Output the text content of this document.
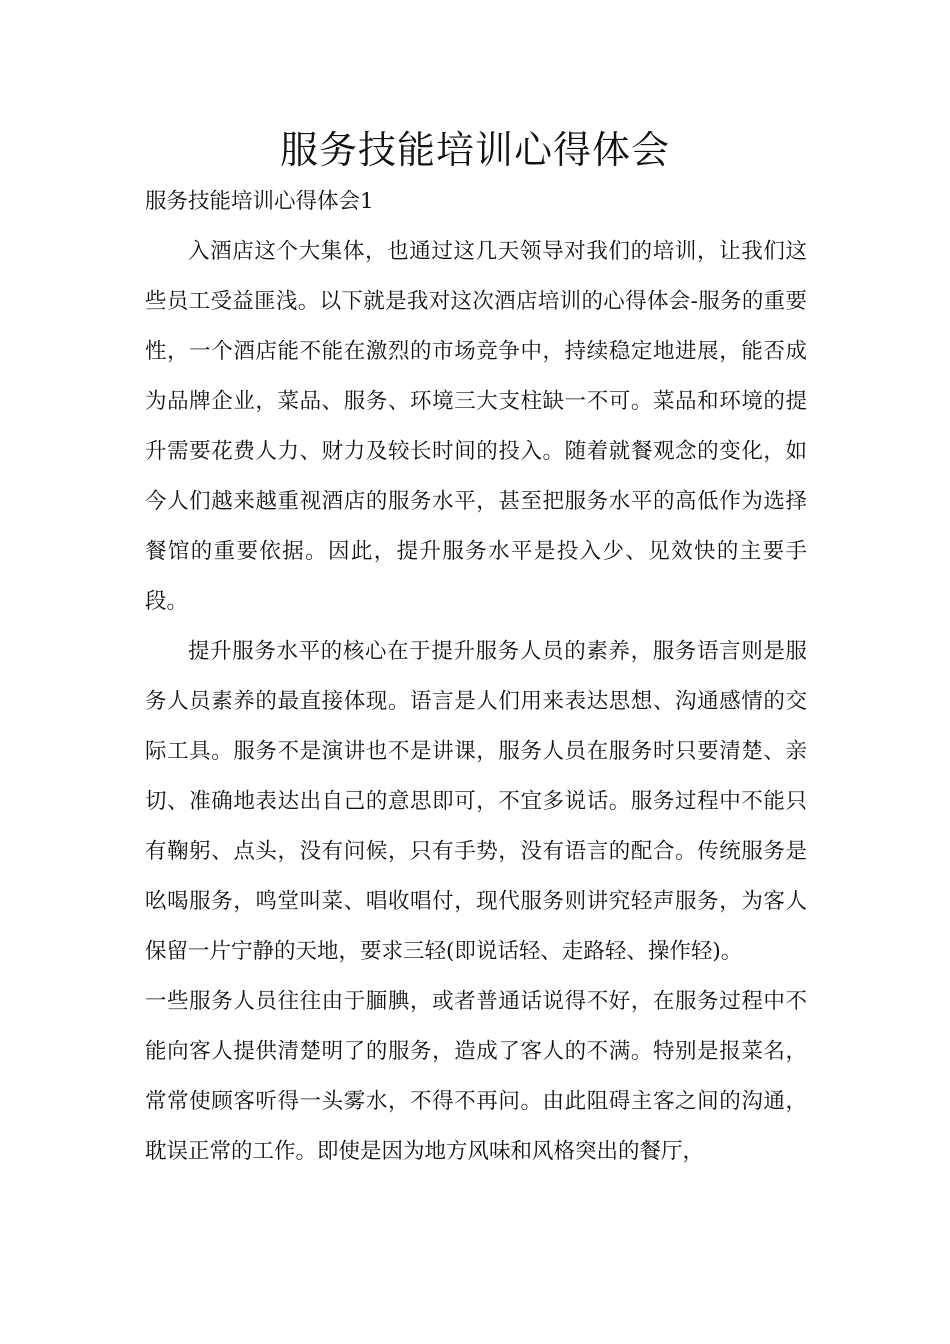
服务技能培训心得体会

服务技能培训心得体会1

入酒店这个大集体，也通过这几天领导对我们的培训，让我们这些员工受益匪浅。以下就是我对这次酒店培训的心得体会-服务的重要性，一个酒店能不能在激烈的市场竞争中，持续稳定地进展，能否成为品牌企业，菜品、服务、环境三大支柱缺一不可。菜品和环境的提升需要花费人力、财力及较长时间的投入。随着就餐观念的变化，如今人们越来越重视酒店的服务水平，甚至把服务水平的高低作为选择餐馆的重要依据。因此，提升服务水平是投入少、见效快的主要手段。

提升服务水平的核心在于提升服务人员的素养，服务语言则是服务人员素养的最直接体现。语言是人们用来表达思想、沟通感情的交际工具。服务不是演讲也不是讲课，服务人员在服务时只要清楚、亲切、准确地表达出自己的意思即可，不宜多说话。服务过程中不能只有鞠躬、点头，没有问候，只有手势，没有语言的配合。传统服务是吆喝服务，鸣堂叫菜、唱收唱付，现代服务则讲究轻声服务，为客人保留一片宁静的天地，要求三轻(即说话轻、走路轻、操作轻)。

一些服务人员往往由于腼腆，或者普通话说得不好，在服务过程中不能向客人提供清楚明了的服务，造成了客人的不满。特别是报菜名，常常使顾客听得一头雾水，不得不再问。由此阻碍主客之间的沟通，耽误正常的工作。即使是因为地方风味和风格突出的餐厅，
